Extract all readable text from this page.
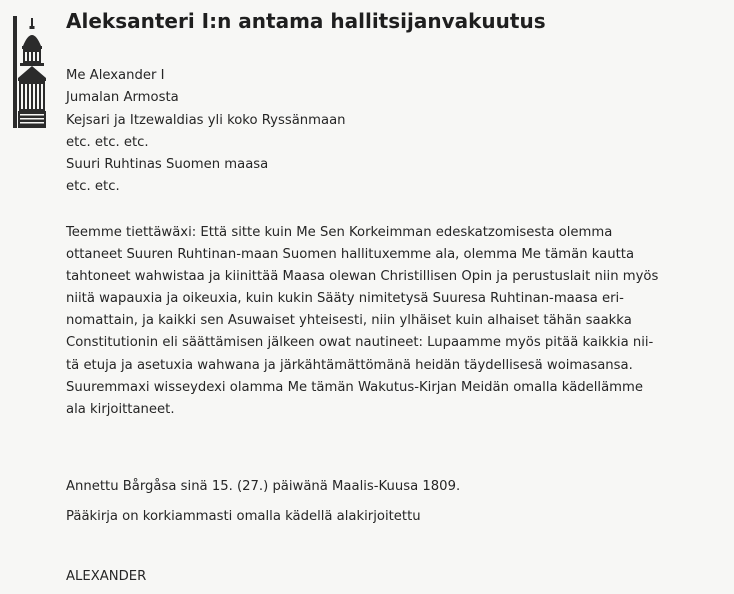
Aleksanteri I:n antama hallitsijanvakuutus
Me Alexander I
Jumalan Armosta
Kejsari ja Itzewaldias yli koko Ryssänmaan
etc. etc. etc.
Suuri Ruhtinas Suomen maasa
etc. etc.
Teemme tiettäwäxi: Että sitte kuin Me Sen Korkeimman edeskatzomisesta olemma
ottaneet Suuren Ruhtinan-maan Suomen hallituxemme ala, olemma Me tämän kautta
tahtoneet wahwistaa ja kiinittää Maasa olewan Christillisen Opin ja perustuslait niin myös
niitä wapauxia ja oikeuxia, kuin kukin Sääty nimitetysä Suuresa Ruhtinan-maasa eri-
nomattain, ja kaikki sen Asuwaiset yhteisesti, niin ylhäiset kuin alhaiset tähän saakka
Constitutionin eli säättämisen jälkeen owat nautineet: Lupaamme myös pitää kaikkia nii-
tä etuja ja asetuxia wahwana ja järkähtämättömänä heidän täydellisesä woimasansa.
Suuremmaxi wisseydexi olamma Me tämän Wakutus-Kirjan Meidän omalla kädellämme
ala kirjoittaneet.
Annettu Bårgåsa sinä 15. (27.) päiwänä Maalis-Kuusa 1809.
Pääkirja on korkiammasti omalla kädellä alakirjoitettu
ALEXANDER
